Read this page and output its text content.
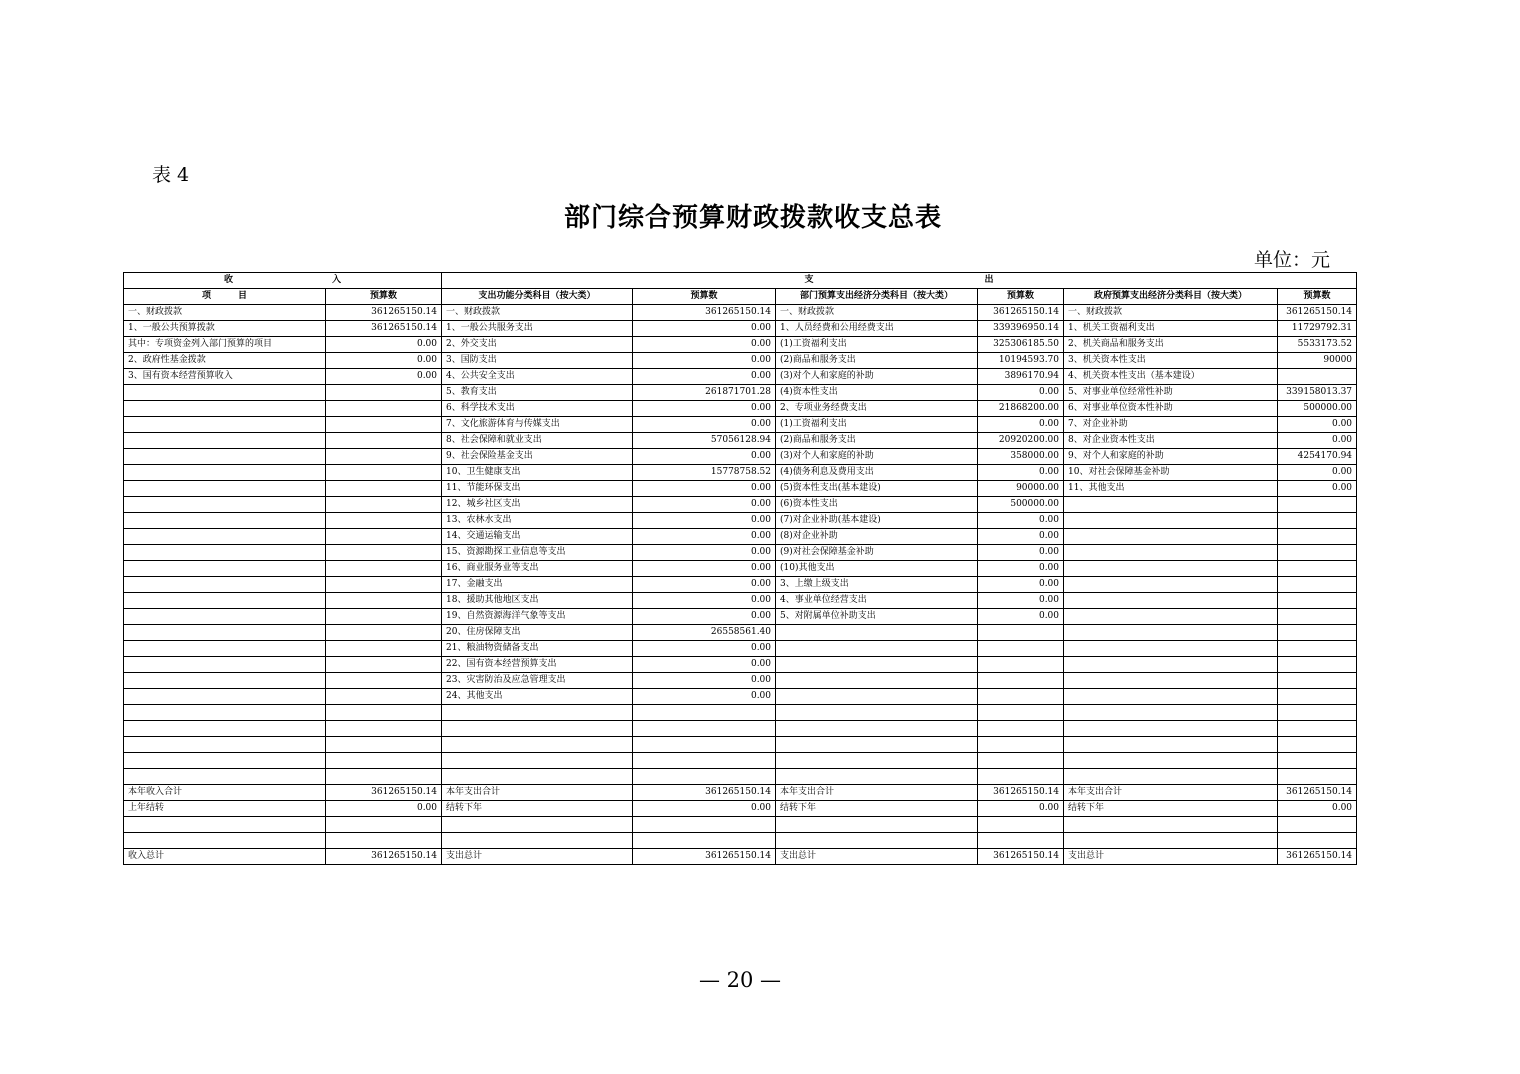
表 4
部门综合预算财政拨款收支总表
单位：元
收　　　　　　　　　　　入		支　　　　　　　　　　　　　　　　　　　出					
项　　　目	预算数	支出功能分类科目（按大类）	预算数	部门预算支出经济分类科目（按大类）	预算数	政府预算支出经济分类科目（按大类）	预算数
一、财政拨款	361265150.14	一、财政拨款	361265150.14	一、财政拨款	361265150.14	一、财政拨款	361265150.14
1、一般公共预算拨款	361265150.14	1、一般公共服务支出	0.00	1、人员经费和公用经费支出	339396950.14	1、机关工资福利支出	11729792.31
其中：专项资金列入部门预算的项目	0.00	2、外交支出	0.00	(1)工资福利支出	325306185.50	2、机关商品和服务支出	5533173.52
2、政府性基金拨款	0.00	3、国防支出	0.00	(2)商品和服务支出	10194593.70	3、机关资本性支出	90000
3、国有资本经营预算收入	0.00	4、公共安全支出	0.00	(3)对个人和家庭的补助	3896170.94	4、机关资本性支出（基本建设）	
		5、教育支出	261871701.28	(4)资本性支出	0.00	5、对事业单位经常性补助	339158013.37
		6、科学技术支出	0.00	2、专项业务经费支出	21868200.00	6、对事业单位资本性补助	500000.00
		7、文化旅游体育与传媒支出	0.00	(1)工资福利支出	0.00	7、对企业补助	0.00
		8、社会保障和就业支出	57056128.94	(2)商品和服务支出	20920200.00	8、对企业资本性支出	0.00
		9、社会保险基金支出	0.00	(3)对个人和家庭的补助	358000.00	9、对个人和家庭的补助	4254170.94
		10、卫生健康支出	15778758.52	(4)债务利息及费用支出	0.00	10、对社会保障基金补助	0.00
		11、节能环保支出	0.00	(5)资本性支出(基本建设)	90000.00	11、其他支出	0.00
		12、城乡社区支出	0.00	(6)资本性支出	500000.00		
		13、农林水支出	0.00	(7)对企业补助(基本建设)	0.00		
		14、交通运输支出	0.00	(8)对企业补助	0.00		
		15、资源勘探工业信息等支出	0.00	(9)对社会保障基金补助	0.00		
		16、商业服务业等支出	0.00	(10)其他支出	0.00		
		17、金融支出	0.00	3、上缴上级支出	0.00		
		18、援助其他地区支出	0.00	4、事业单位经营支出	0.00		
		19、自然资源海洋气象等支出	0.00	5、对附属单位补助支出	0.00		
		20、住房保障支出	26558561.40				
		21、粮油物资储备支出	0.00				
		22、国有资本经营预算支出	0.00				
		23、灾害防治及应急管理支出	0.00				
		24、其他支出	0.00				

本年收入合计	361265150.14	本年支出合计	361265150.14	本年支出合计	361265150.14	本年支出合计	361265150.14
上年结转	0.00	结转下年	0.00	结转下年	0.00	结转下年	0.00

收入总计	361265150.14	支出总计	361265150.14	支出总计	361265150.14	支出总计	361265150.14
— 20 —
